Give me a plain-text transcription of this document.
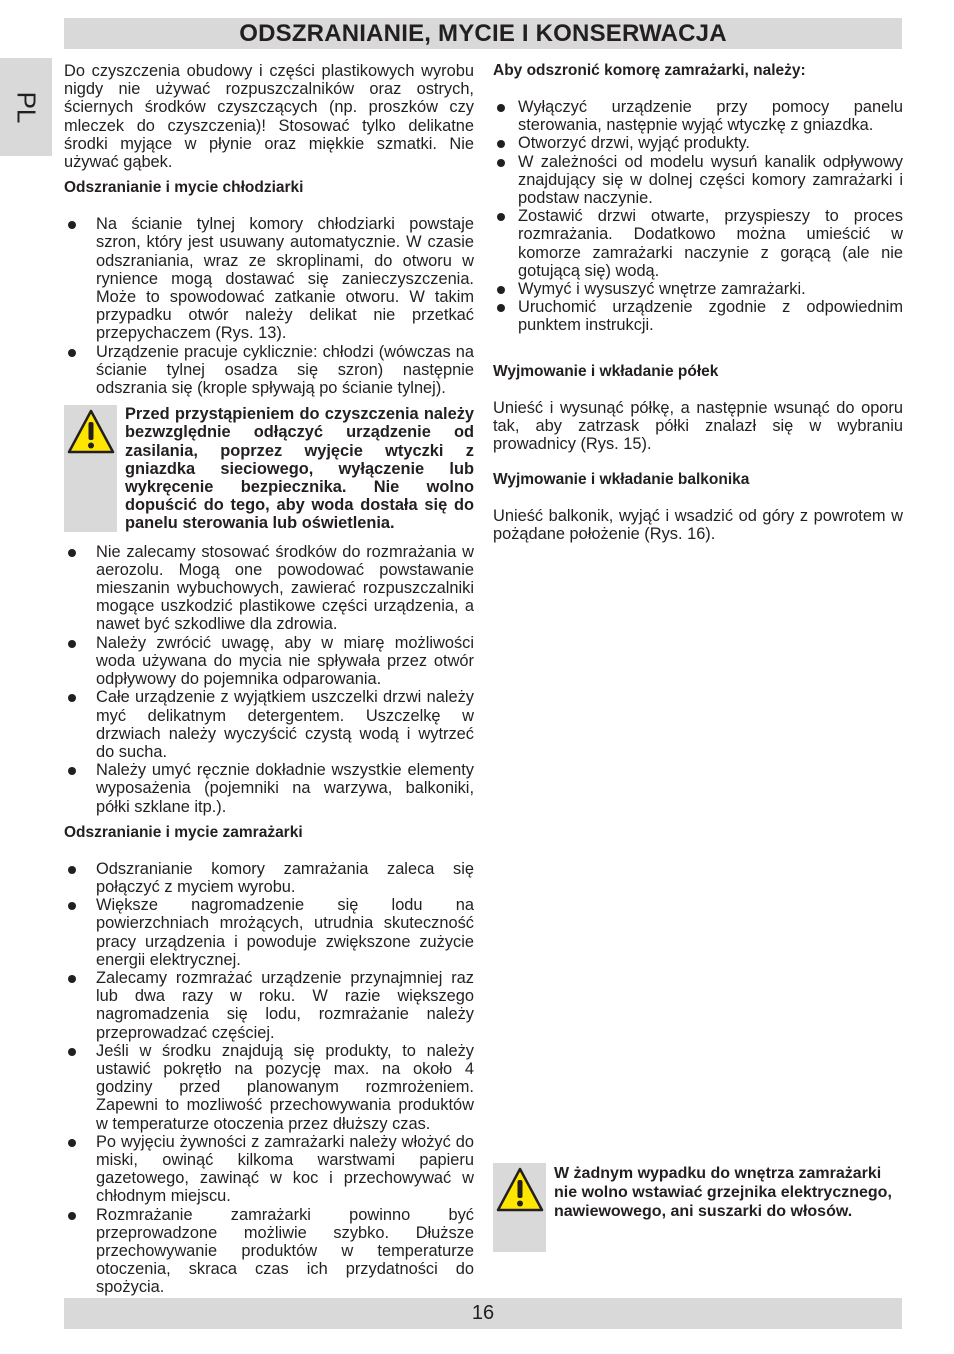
ODSZRANIANIE, MYCIE I KONSERWACJA
PL

Do czyszczenia obudowy i części plastikowych wyrobu nigdy nie używać rozpuszczalników oraz ostrych, ściernych środków czyszczących (np. proszków czy mleczek do czyszczenia)! Stosować tylko delikatne środki myjące w płynie oraz miękkie szmatki. Nie używać gąbek.

Odszranianie i mycie chłodziarki

Na ścianie tylnej komory chłodziarki powstaje szron, który jest usuwany automatycznie. W czasie odszraniania, wraz ze skroplinami, do otworu w rynience mogą dostawać się zanieczyszczenia. Może to spowodować zatkanie otworu. W takim przypadku otwór należy delikat nie przetkać przepychaczem (Rys. 13).
Urządzenie pracuje cyklicznie: chłodzi (wówczas na ścianie tylnej osadza się szron) następnie odszrania się (krople spływają po ścianie tylnej).

Przed przystąpieniem do czyszczenia należy bezwzględnie odłączyć urządzenie od zasilania, poprzez wyjęcie wtyczki z gniazdka sieciowego, wyłączenie lub wykręcenie bezpiecznika. Nie wolno dopuścić do tego, aby woda dostała się do panelu sterowania lub oświetlenia.

Nie zalecamy stosować środków do rozmrażania w aerozolu. Mogą one powodować powstawanie mieszanin wybuchowych, zawierać rozpuszczalniki mogące uszkodzić plastikowe części urządzenia, a nawet być szkodliwe dla zdrowia.
Należy zwrócić uwagę, aby w miarę możliwości woda używana do mycia nie spływała przez otwór odpływowy do pojemnika odparowania.
Całe urządzenie z wyjątkiem uszczelki drzwi należy myć delikatnym detergentem. Uszczelkę w drzwiach należy wyczyścić czystą wodą i wytrzeć do sucha.
Należy umyć ręcznie dokładnie wszystkie elementy wyposażenia (pojemniki na warzywa, balkoniki, półki szklane itp.).

Odszranianie i mycie zamrażarki

Odszranianie komory zamrażania zaleca się połączyć z myciem wyrobu.
Większe nagromadzenie się lodu na powierzchniach mrożących, utrudnia skuteczność pracy urządzenia i powoduje zwiększone zużycie energii elektrycznej.
Zalecamy rozmrażać urządzenie przynajmniej raz lub dwa razy w roku. W razie większego nagromadzenia się lodu, rozmrażanie należy przeprowadzać częściej.
Jeśli w środku znajdują się produkty, to należy ustawić pokrętło na pozycję max. na około 4 godziny przed planowanym rozmrożeniem. Zapewni to mozliwość przechowywania produktów w temperaturze otoczenia przez dłuższy czas.
Po wyjęciu żywności z zamrażarki należy włożyć do miski, owinąć kilkoma warstwami papieru gazetowego, zawinąć w koc i przechowywać w chłodnym miejscu.
Rozmrażanie zamrażarki powinno być przeprowadzone możliwie szybko. Dłuższe przechowywanie produktów w temperaturze otoczenia, skraca czas ich przydatności do spożycia.

Aby odszronić komorę zamrażarki, należy:

Wyłączyć urządzenie przy pomocy panelu sterowania, następnie wyjąć wtyczkę z gniazdka.
Otworzyć drzwi, wyjąć produkty.
W zależności od modelu wysuń kanalik odpływowy znajdujący się w dolnej części komory zamrażarki i podstaw naczynie.
Zostawić drzwi otwarte, przyspieszy to proces rozmrażania. Dodatkowo można umieścić w komorze zamrażarki naczynie z gorącą (ale nie gotującą się) wodą.
Wymyć i wysuszyć wnętrze zamrażarki.
Uruchomić urządzenie zgodnie z odpowiednim punktem instrukcji.

Wyjmowanie i wkładanie półek

Unieść i wysunąć półkę, a następnie wsunąć do oporu tak, aby zatrzask półki znalazł się w wybraniu prowadnicy (Rys. 15).

Wyjmowanie i wkładanie balkonika

Unieść balkonik, wyjąć i wsadzić od góry z powrotem w pożądane położenie (Rys. 16).

W żadnym wypadku do wnętrza zamrażarki nie wolno wstawiać grzejnika elektrycznego, nawiewowego, ani suszarki do włosów.

16
